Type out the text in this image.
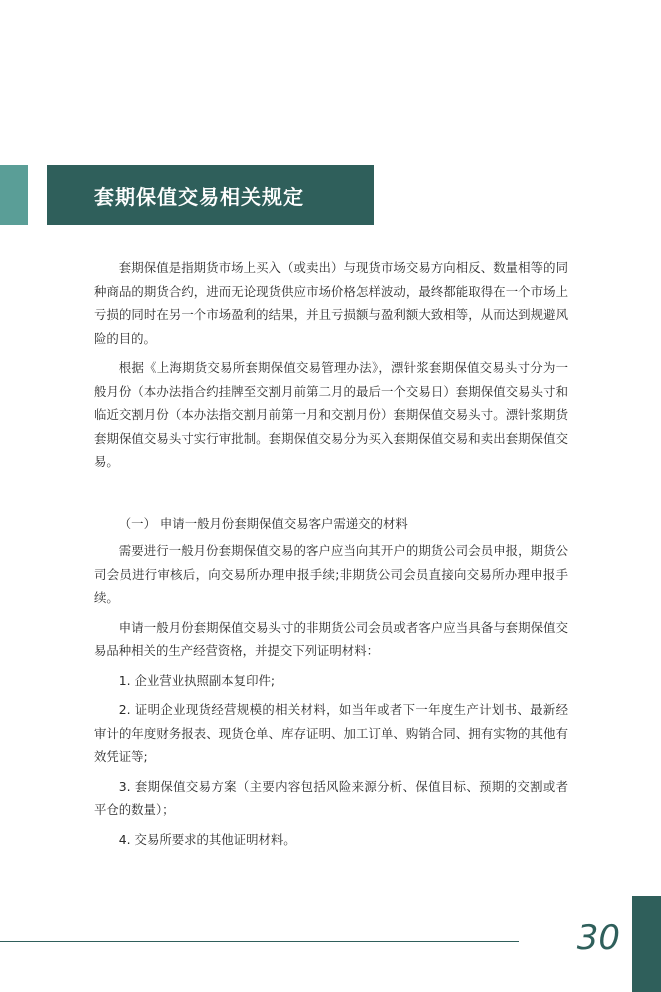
套期保值交易相关规定

套期保值是指期货市场上买入（或卖出）与现货市场交易方向相反、数量相等的同种商品的期货合约，进而无论现货供应市场价格怎样波动，最终都能取得在一个市场上亏损的同时在另一个市场盈利的结果，并且亏损额与盈利额大致相等，从而达到规避风险的目的。

根据《上海期货交易所套期保值交易管理办法》，漂针浆套期保值交易头寸分为一般月份（本办法指合约挂牌至交割月前第二月的最后一个交易日）套期保值交易头寸和临近交割月份（本办法指交割月前第一月和交割月份）套期保值交易头寸。漂针浆期货套期保值交易头寸实行审批制。套期保值交易分为买入套期保值交易和卖出套期保值交易。

（一） 申请一般月份套期保值交易客户需递交的材料

需要进行一般月份套期保值交易的客户应当向其开户的期货公司会员申报，期货公司会员进行审核后，向交易所办理申报手续;非期货公司会员直接向交易所办理申报手续。

申请一般月份套期保值交易头寸的非期货公司会员或者客户应当具备与套期保值交易品种相关的生产经营资格，并提交下列证明材料：

1. 企业营业执照副本复印件;

2. 证明企业现货经营规模的相关材料，如当年或者下一年度生产计划书、最新经审计的年度财务报表、现货仓单、库存证明、加工订单、购销合同、拥有实物的其他有效凭证等;

3. 套期保值交易方案（主要内容包括风险来源分析、保值目标、预期的交割或者平仓的数量）；

4. 交易所要求的其他证明材料。

30
